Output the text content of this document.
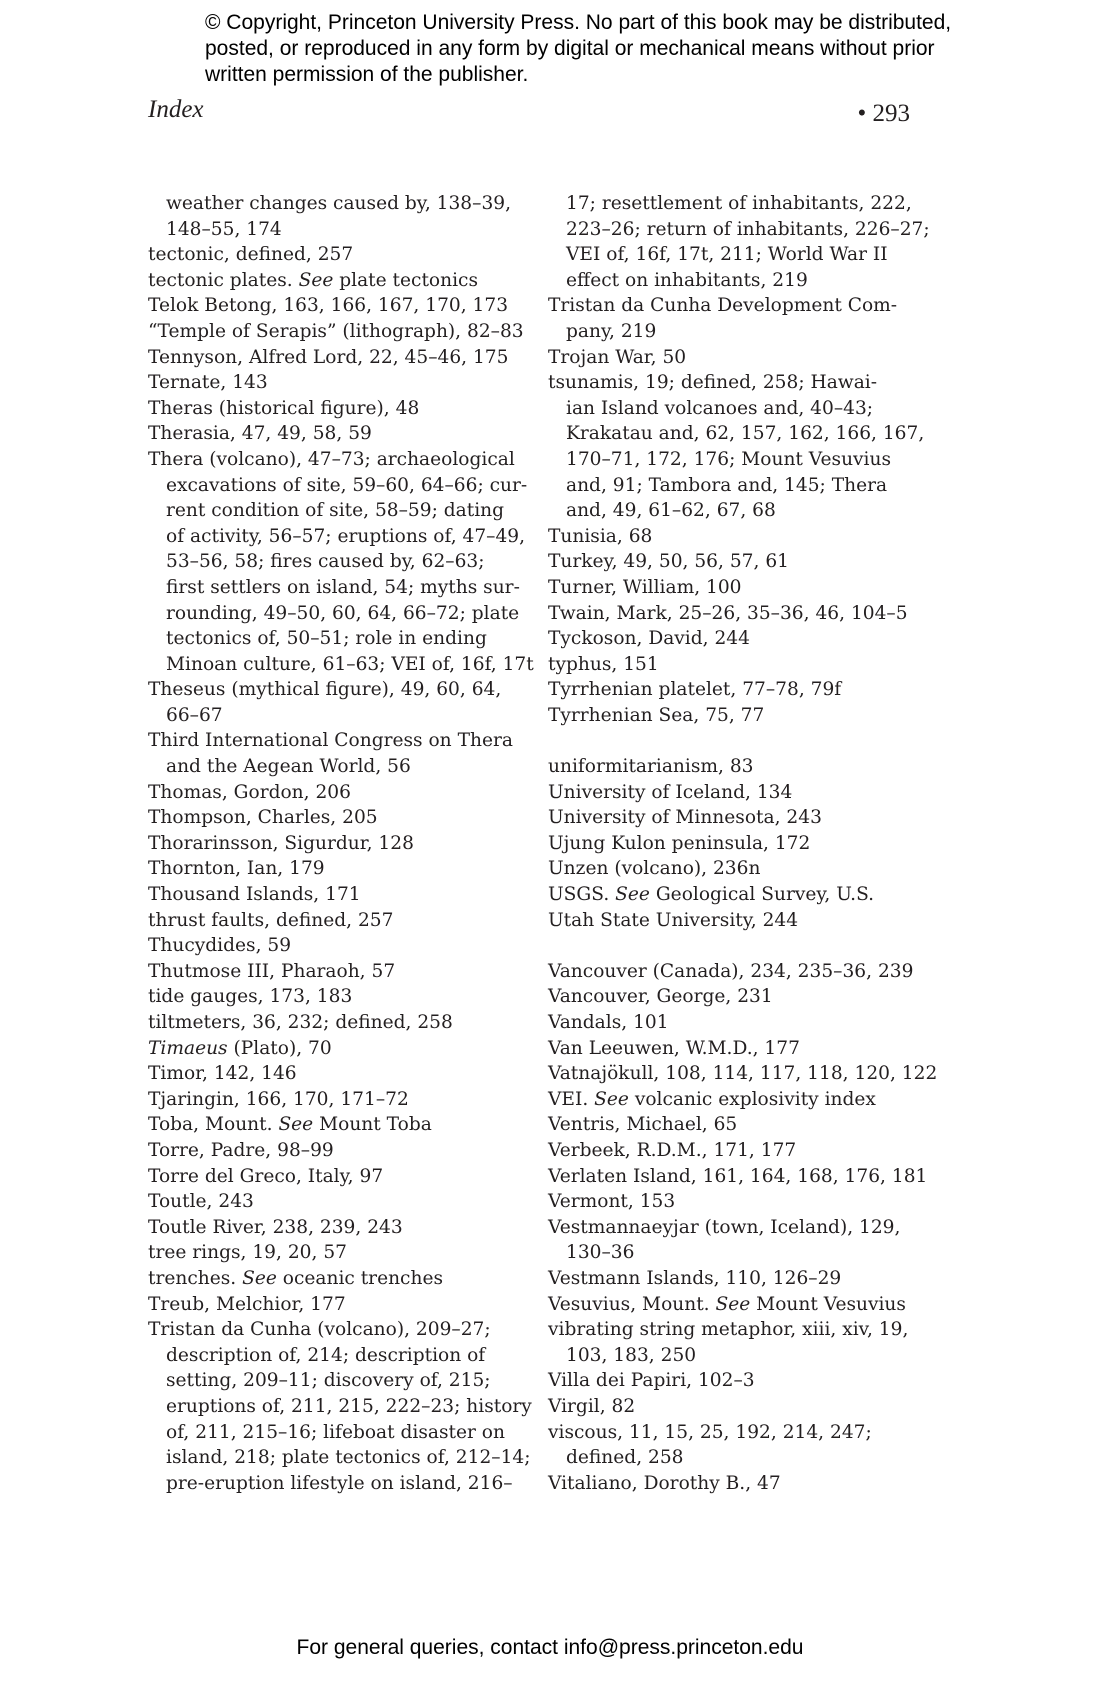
© Copyright, Princeton University Press. No part of this book may be distributed, posted, or reproduced in any form by digital or mechanical means without prior written permission of the publisher.
Index	• 293
weather changes caused by, 138–39,
148–55, 174
tectonic, defined, 257
tectonic plates. See plate tectonics
Telok Betong, 163, 166, 167, 170, 173
“Temple of Serapis” (lithograph), 82–83
Tennyson, Alfred Lord, 22, 45–46, 175
Ternate, 143
Theras (historical figure), 48
Therasia, 47, 49, 58, 59
Thera (volcano), 47–73; archaeological
excavations of site, 59–60, 64–66; cur-
rent condition of site, 58–59; dating
of activity, 56–57; eruptions of, 47–49,
53–56, 58; fires caused by, 62–63;
first settlers on island, 54; myths sur-
rounding, 49–50, 60, 64, 66–72; plate
tectonics of, 50–51; role in ending
Minoan culture, 61–63; VEI of, 16f, 17t
Theseus (mythical figure), 49, 60, 64,
66–67
Third International Congress on Thera
and the Aegean World, 56
Thomas, Gordon, 206
Thompson, Charles, 205
Thorarinsson, Sigurdur, 128
Thornton, Ian, 179
Thousand Islands, 171
thrust faults, defined, 257
Thucydides, 59
Thutmose III, Pharaoh, 57
tide gauges, 173, 183
tiltmeters, 36, 232; defined, 258
Timaeus (Plato), 70
Timor, 142, 146
Tjaringin, 166, 170, 171–72
Toba, Mount. See Mount Toba
Torre, Padre, 98–99
Torre del Greco, Italy, 97
Toutle, 243
Toutle River, 238, 239, 243
tree rings, 19, 20, 57
trenches. See oceanic trenches
Treub, Melchior, 177
Tristan da Cunha (volcano), 209–27;
description of, 214; description of
setting, 209–11; discovery of, 215;
eruptions of, 211, 215, 222–23; history
of, 211, 215–16; lifeboat disaster on
island, 218; plate tectonics of, 212–14;
pre-eruption lifestyle on island, 216–
17; resettlement of inhabitants, 222,
223–26; return of inhabitants, 226–27;
VEI of, 16f, 17t, 211; World War II
effect on inhabitants, 219
Tristan da Cunha Development Com-
pany, 219
Trojan War, 50
tsunamis, 19; defined, 258; Hawai-
ian Island volcanoes and, 40–43;
Krakatau and, 62, 157, 162, 166, 167,
170–71, 172, 176; Mount Vesuvius
and, 91; Tambora and, 145; Thera
and, 49, 61–62, 67, 68
Tunisia, 68
Turkey, 49, 50, 56, 57, 61
Turner, William, 100
Twain, Mark, 25–26, 35–36, 46, 104–5
Tyckoson, David, 244
typhus, 151
Tyrrhenian platelet, 77–78, 79f
Tyrrhenian Sea, 75, 77
uniformitarianism, 83
University of Iceland, 134
University of Minnesota, 243
Ujung Kulon peninsula, 172
Unzen (volcano), 236n
USGS. See Geological Survey, U.S.
Utah State University, 244
Vancouver (Canada), 234, 235–36, 239
Vancouver, George, 231
Vandals, 101
Van Leeuwen, W.M.D., 177
Vatnajökull, 108, 114, 117, 118, 120, 122
VEI. See volcanic explosivity index
Ventris, Michael, 65
Verbeek, R.D.M., 171, 177
Verlaten Island, 161, 164, 168, 176, 181
Vermont, 153
Vestmannaeyjar (town, Iceland), 129,
130–36
Vestmann Islands, 110, 126–29
Vesuvius, Mount. See Mount Vesuvius
vibrating string metaphor, xiii, xiv, 19,
103, 183, 250
Villa dei Papiri, 102–3
Virgil, 82
viscous, 11, 15, 25, 192, 214, 247;
defined, 258
Vitaliano, Dorothy B., 47
For general queries, contact info@press.princeton.edu
